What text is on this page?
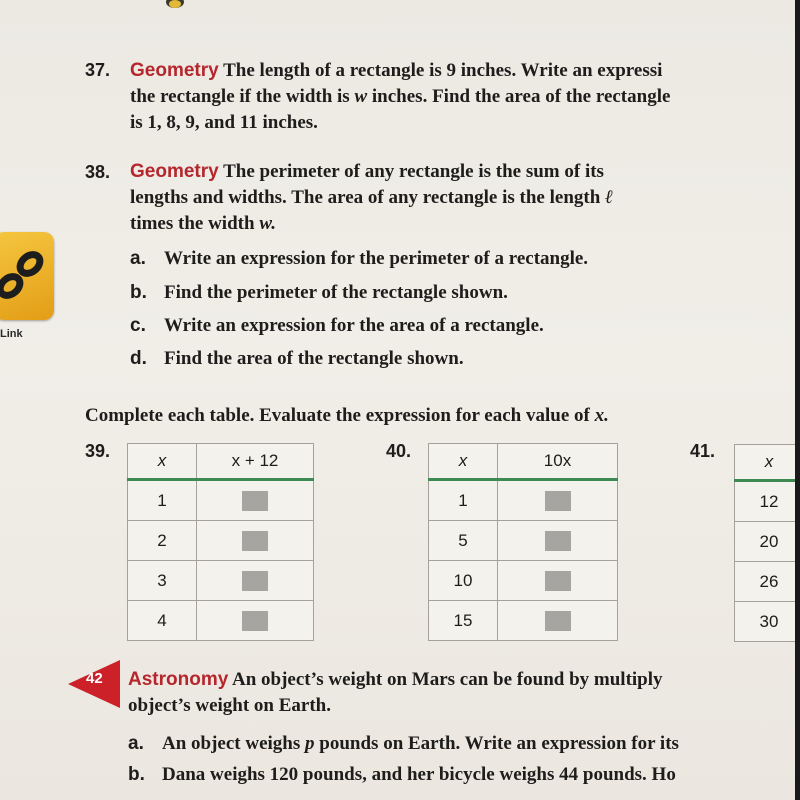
37. Geometry The length of a rectangle is 9 inches. Write an expressi
the rectangle if the width is w inches. Find the area of the rectangle
is 1, 8, 9, and 11 inches.
38. Geometry The perimeter of any rectangle is the sum of its
lengths and widths. The area of any rectangle is the length ℓ
times the width w.
a. Write an expression for the perimeter of a rectangle.
b. Find the perimeter of the rectangle shown.
c. Write an expression for the area of a rectangle.
d. Find the area of the rectangle shown.
Link
Complete each table. Evaluate the expression for each value of x.
39.	x	x + 12
1	
2	
3	
4	
40.	x	10x
1	
5	
10	
15	
41.
x
12
20
26
30
42 Astronomy An object’s weight on Mars can be found by multiply
object’s weight on Earth.
a. An object weighs p pounds on Earth. Write an expression for its
b. Dana weighs 120 pounds, and her bicycle weighs 44 pounds. Ho
